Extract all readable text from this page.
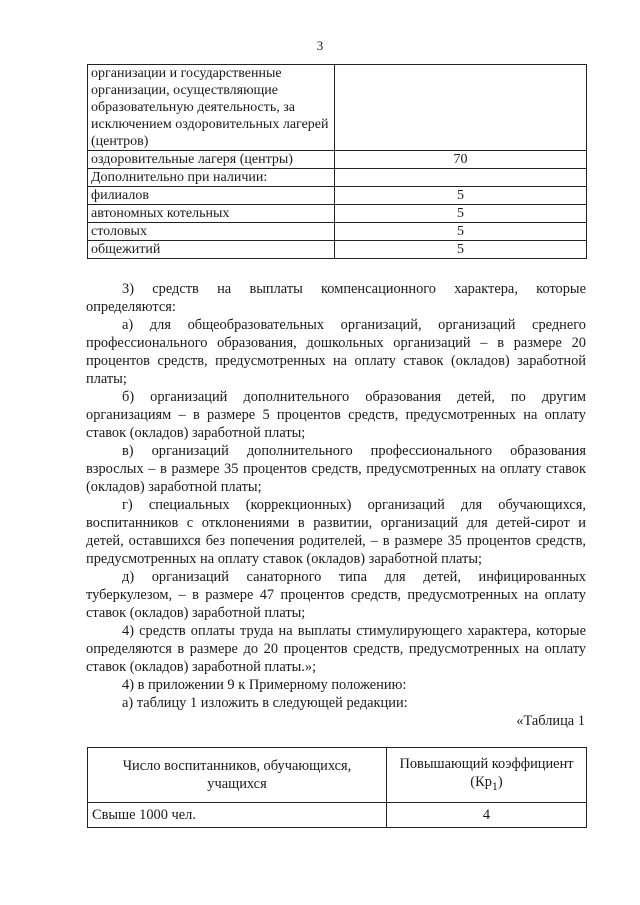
3
организации и государственные организации, осуществляющие образовательную деятельность, за исключением оздоровительных лагерей (центров)	
оздоровительные лагеря (центры)	70
Дополнительно при наличии:	
филиалов	5
автономных котельных	5
столовых	5
общежитий	5

3) средств на выплаты компенсационного характера, которые определяются:

а) для общеобразовательных организаций, организаций среднего профессионального образования, дошкольных организаций – в размере 20 процентов средств, предусмотренных на оплату ставок (окладов) заработной платы;

б) организаций дополнительного образования детей, по другим организациям – в размере 5 процентов средств, предусмотренных на оплату ставок (окладов) заработной платы;

в) организаций дополнительного профессионального образования взрослых – в размере 35 процентов средств, предусмотренных на оплату ставок (окладов) заработной платы;

г) специальных (коррекционных) организаций для обучающихся, воспитанников с отклонениями в развитии, организаций для детей-сирот и детей, оставшихся без попечения родителей, – в размере 35 процентов средств, предусмотренных на оплату ставок (окладов) заработной платы;

д) организаций санаторного типа для детей, инфицированных туберкулезом, – в размере 47 процентов средств, предусмотренных на оплату ставок (окладов) заработной платы;

4) средств оплаты труда на выплаты стимулирующего характера, которые определяются в размере до 20 процентов средств, предусмотренных на оплату ставок (окладов) заработной платы.»;

4) в приложении 9 к Примерному положению:

а) таблицу 1 изложить в следующей редакции:

«Таблица 1
Число воспитанников, обучающихся, учащихся	Повышающий коэффициент $(Кр_1)$
Свыше 1000 чел.	4
